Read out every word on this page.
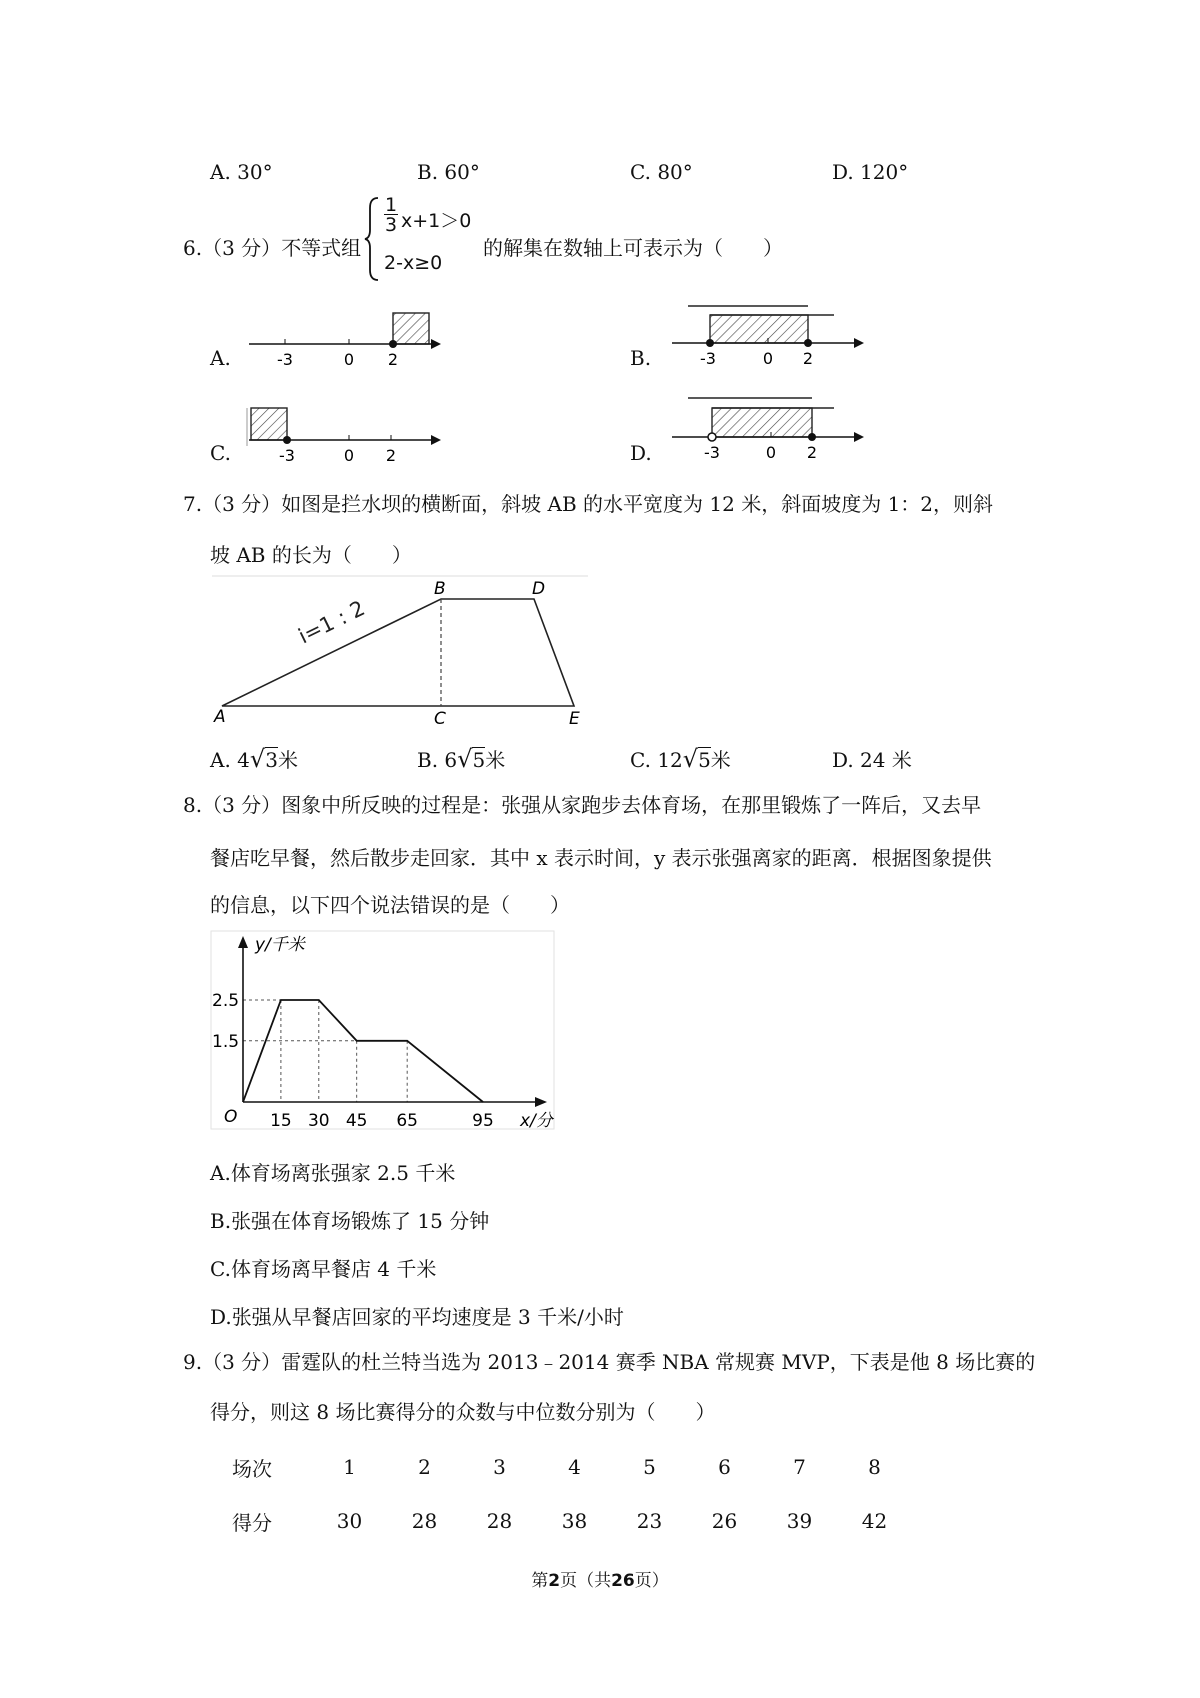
A. 30°	B. 60°	C. 80°	D. 120°
6.（3 分）不等式组
$\frac{1}{3} x+1>0$
2-x≥0
的解集在数轴上可表示为（　　）
A.	-3	0 2	B.	-3	0 2
C.	-3	0 2	D.	-3	0 2
7.（3 分）如图是拦水坝的横断面，斜坡 AB 的水平宽度为 12 米，斜面坡度为 1：2，则斜
坡 AB 的长为（　　）
i=1 : 2
A
B
C
D
E
A. 4√3米	B. 6√5米	C. 12√5米	D. 24 米
8.（3 分）图象中所反映的过程是：张强从家跑步去体育场，在那里锻炼了一阵后，又去早
餐店吃早餐，然后散步走回家．其中 x 表示时间，y 表示张强离家的距离．根据图象提供
的信息，以下四个说法错误的是（　　）
y/千米
x/分
O
2.5
1.5
15 30 45 65	95
A.体育场离张强家 2.5 千米
B.张强在体育场锻炼了 15 分钟
C.体育场离早餐店 4 千米
D.张强从早餐店回家的平均速度是 3 千米/小时
9.（3 分）雷霆队的杜兰特当选为 2013﹣2014 赛季 NBA 常规赛 MVP，下表是他 8 场比赛的
得分，则这 8 场比赛得分的众数与中位数分别为（　　）
场次	1	2	3	4	5	6	7	8
得分	30	28	28	38	23	26	39	42
第2页（共26页）
